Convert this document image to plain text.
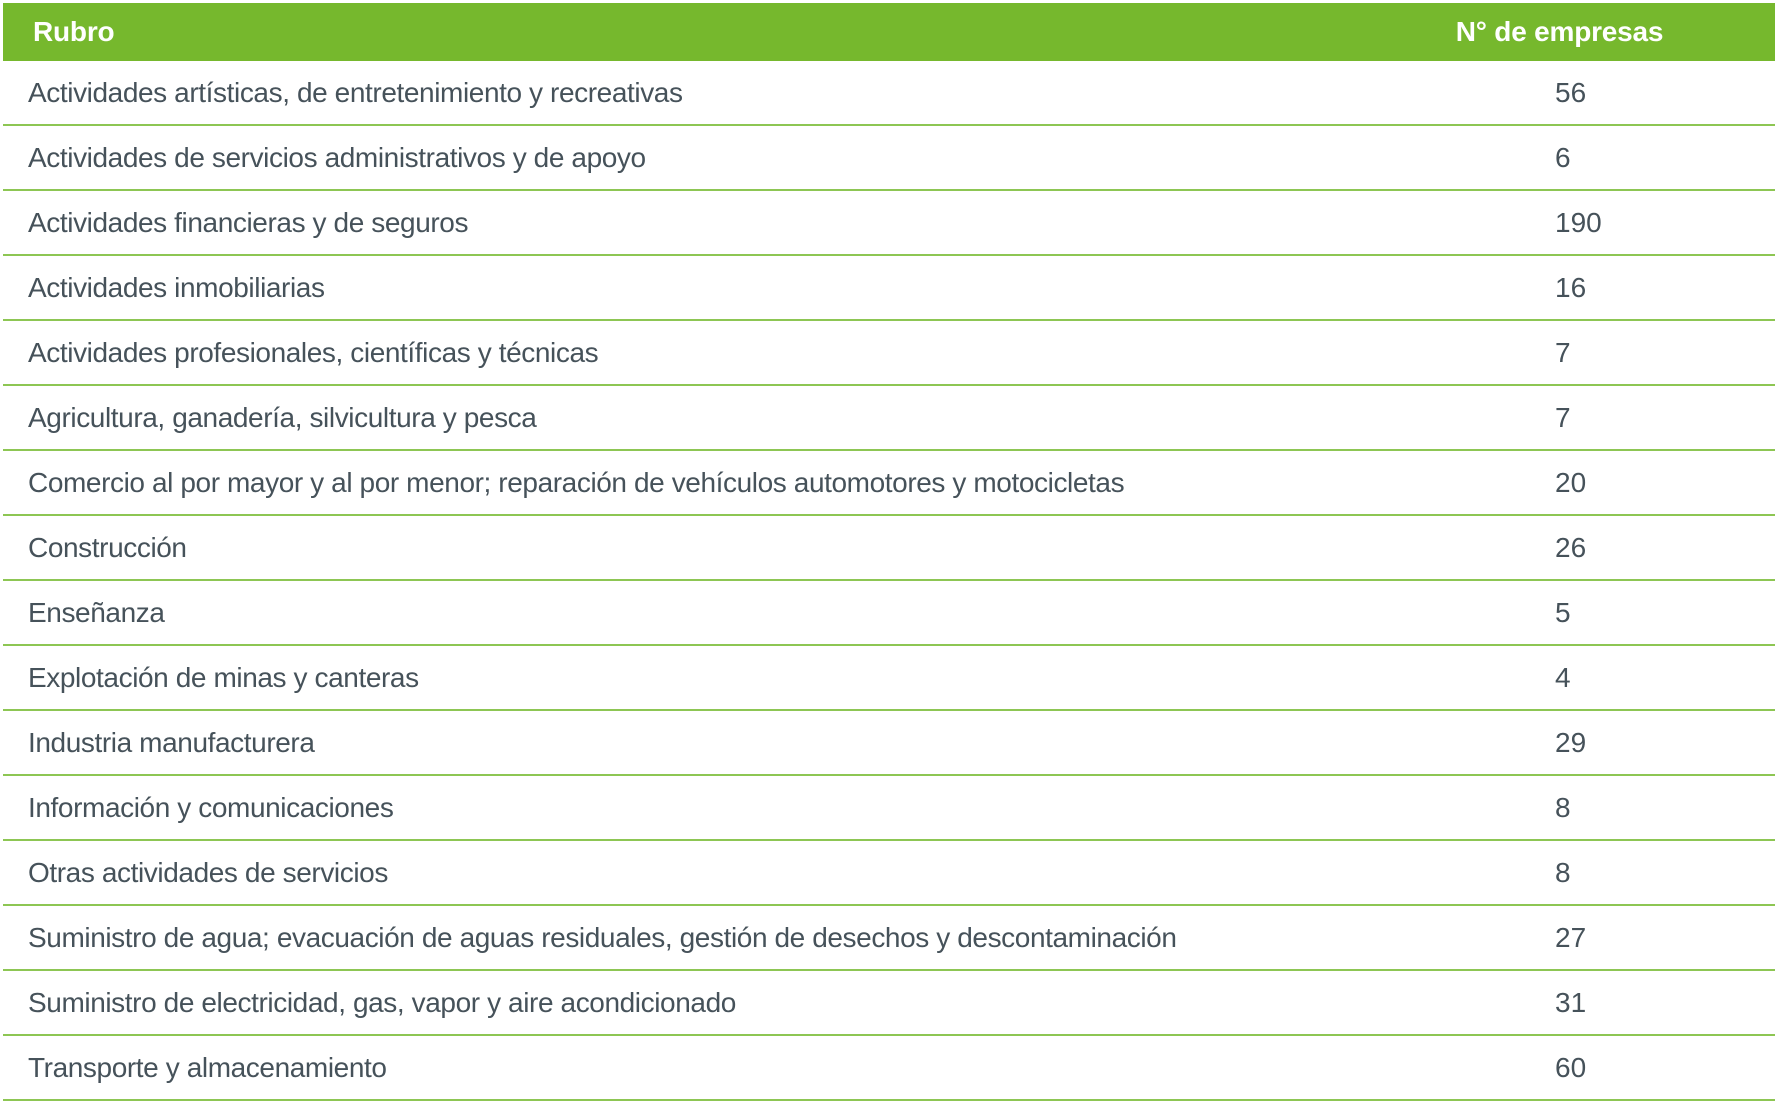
Rubro	N° de empresas
Actividades artísticas, de entretenimiento y recreativas	56
Actividades de servicios administrativos y de apoyo	6
Actividades financieras y de seguros	190
Actividades inmobiliarias	16
Actividades profesionales, científicas y técnicas	7
Agricultura, ganadería, silvicultura y pesca	7
Comercio al por mayor y al por menor; reparación de vehículos automotores y motocicletas	20
Construcción	26
Enseñanza	5
Explotación de minas y canteras	4
Industria manufacturera	29
Información y comunicaciones	8
Otras actividades de servicios	8
Suministro de agua; evacuación de aguas residuales, gestión de desechos y descontaminación	27
Suministro de electricidad, gas, vapor y aire acondicionado	31
Transporte y almacenamiento	60
